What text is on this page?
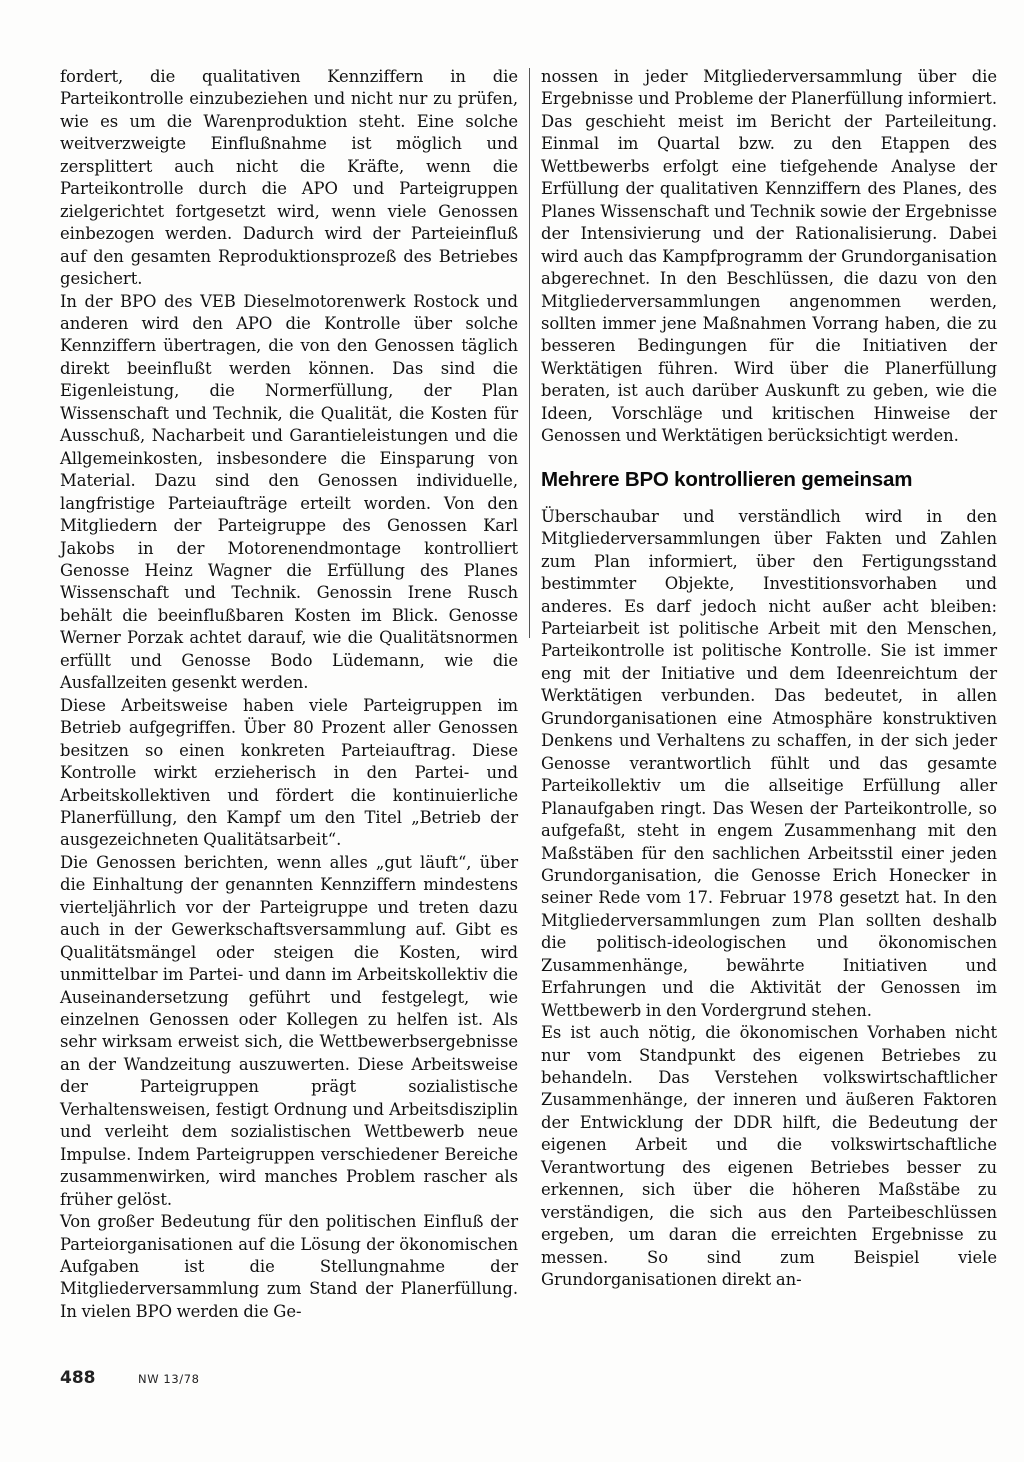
fordert, die qualitativen Kennziffern in die Parteikontrolle einzubeziehen und nicht nur zu prüfen, wie es um die Warenproduktion steht. Eine solche weitverzweigte Einflußnahme ist möglich und zersplittert auch nicht die Kräfte, wenn die Parteikontrolle durch die APO und Parteigruppen zielgerichtet fortgesetzt wird, wenn viele Genossen einbezogen werden. Dadurch wird der Parteieinfluß auf den gesamten Reproduktionsprozeß des Betriebes gesichert.

In der BPO des VEB Dieselmotorenwerk Rostock und anderen wird den APO die Kontrolle über solche Kennziffern übertragen, die von den Genossen täglich direkt beeinflußt werden können. Das sind die Eigenleistung, die Normerfüllung, der Plan Wissenschaft und Technik, die Qualität, die Kosten für Ausschuß, Nacharbeit und Garantieleistungen und die Allgemeinkosten, insbesondere die Einsparung von Material. Dazu sind den Genossen individuelle, langfristige Parteiaufträge erteilt worden. Von den Mitgliedern der Parteigruppe des Genossen Karl Jakobs in der Motorenendmontage kontrolliert Genosse Heinz Wagner die Erfüllung des Planes Wissenschaft und Technik. Genossin Irene Rusch behält die beeinflußbaren Kosten im Blick. Genosse Werner Porzak achtet darauf, wie die Qualitätsnormen erfüllt und Genosse Bodo Lüdemann, wie die Ausfallzeiten gesenkt werden.

Diese Arbeitsweise haben viele Parteigruppen im Betrieb aufgegriffen. Über 80 Prozent aller Genossen besitzen so einen konkreten Parteiauftrag. Diese Kontrolle wirkt erzieherisch in den Partei- und Arbeitskollektiven und fördert die kontinuierliche Planerfüllung, den Kampf um den Titel „Betrieb der ausgezeichneten Qualitätsarbeit“.

Die Genossen berichten, wenn alles „gut läuft“, über die Einhaltung der genannten Kennziffern mindestens vierteljährlich vor der Parteigruppe und treten dazu auch in der Gewerkschaftsversammlung auf. Gibt es Qualitätsmängel oder steigen die Kosten, wird unmittelbar im Partei- und dann im Arbeitskollektiv die Auseinandersetzung geführt und festgelegt, wie einzelnen Genossen oder Kollegen zu helfen ist. Als sehr wirksam erweist sich, die Wettbewerbsergebnisse an der Wandzeitung auszuwerten. Diese Arbeitsweise der Parteigruppen prägt sozialistische Verhaltensweisen, festigt Ordnung und Arbeitsdisziplin und verleiht dem sozialistischen Wettbewerb neue Impulse. Indem Parteigruppen verschiedener Bereiche zusammenwirken, wird manches Problem rascher als früher gelöst.

Von großer Bedeutung für den politischen Einfluß der Parteiorganisationen auf die Lösung der ökonomischen Aufgaben ist die Stellungnahme der Mitgliederversammlung zum Stand der Planerfüllung. In vielen BPO werden die Ge-

nossen in jeder Mitgliederversammlung über die Ergebnisse und Probleme der Planerfüllung informiert. Das geschieht meist im Bericht der Parteileitung. Einmal im Quartal bzw. zu den Etappen des Wettbewerbs erfolgt eine tiefgehende Analyse der Erfüllung der qualitativen Kennziffern des Planes, des Planes Wissenschaft und Technik sowie der Ergebnisse der Intensivierung und der Rationalisierung. Dabei wird auch das Kampfprogramm der Grundorganisation abgerechnet. In den Beschlüssen, die dazu von den Mitgliederversammlungen angenommen werden, sollten immer jene Maßnahmen Vorrang haben, die zu besseren Bedingungen für die Initiativen der Werktätigen führen. Wird über die Planerfüllung beraten, ist auch darüber Auskunft zu geben, wie die Ideen, Vorschläge und kritischen Hinweise der Genossen und Werktätigen berücksichtigt werden.

Mehrere BPO kontrollieren gemeinsam

Überschaubar und verständlich wird in den Mitgliederversammlungen über Fakten und Zahlen zum Plan informiert, über den Fertigungsstand bestimmter Objekte, Investitionsvorhaben und anderes. Es darf jedoch nicht außer acht bleiben: Parteiarbeit ist politische Arbeit mit den Menschen, Parteikontrolle ist politische Kontrolle. Sie ist immer eng mit der Initiative und dem Ideenreichtum der Werktätigen verbunden. Das bedeutet, in allen Grundorganisationen eine Atmosphäre konstruktiven Denkens und Verhaltens zu schaffen, in der sich jeder Genosse verantwortlich fühlt und das gesamte Parteikollektiv um die allseitige Erfüllung aller Planaufgaben ringt. Das Wesen der Parteikontrolle, so aufgefaßt, steht in engem Zusammenhang mit den Maßstäben für den sachlichen Arbeitsstil einer jeden Grundorganisation, die Genosse Erich Honecker in seiner Rede vom 17. Februar 1978 gesetzt hat. In den Mitgliederversammlungen zum Plan sollten deshalb die politisch-ideologischen und ökonomischen Zusammenhänge, bewährte Initiativen und Erfahrungen und die Aktivität der Genossen im Wettbewerb in den Vordergrund stehen.

Es ist auch nötig, die ökonomischen Vorhaben nicht nur vom Standpunkt des eigenen Betriebes zu behandeln. Das Verstehen volkswirtschaftlicher Zusammenhänge, der inneren und äußeren Faktoren der Entwicklung der DDR hilft, die Bedeutung der eigenen Arbeit und die volkswirtschaftliche Verantwortung des eigenen Betriebes besser zu erkennen, sich über die höheren Maßstäbe zu verständigen, die sich aus den Parteibeschlüssen ergeben, um daran die erreichten Ergebnisse zu messen. So sind zum Beispiel viele Grundorganisationen direkt an-

488	NW 13/78
